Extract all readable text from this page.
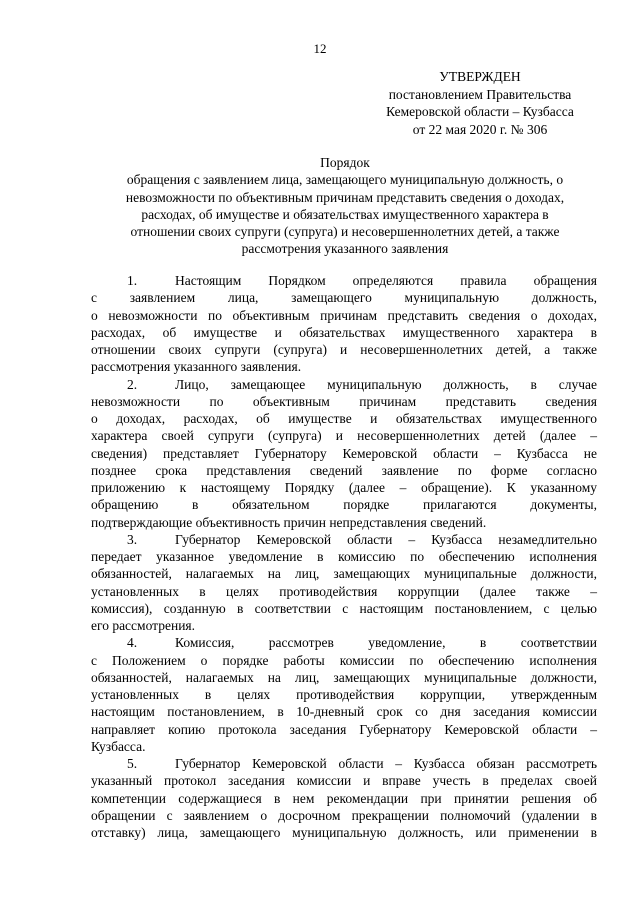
12
УТВЕРЖДЕН
постановлением Правительства
Кемеровской области – Кузбасса
от 22 мая 2020 г. № 306
Порядок
обращения с заявлением лица, замещающего муниципальную должность, о
невозможности по объективным причинам представить сведения о доходах,
расходах, об имуществе и обязательствах имущественного характера в
отношении своих супруги (супруга) и несовершеннолетних детей, а также
рассмотрения указанного заявления
1.	Настоящим Порядком определяются правила обращения
с заявлением лица, замещающего муниципальную должность,
о невозможности по объективным причинам представить сведения о доходах,
расходах, об имуществе и обязательствах имущественного характера в
отношении своих супруги (супруга) и несовершеннолетних детей, а также
рассмотрения указанного заявления.
2.	Лицо, замещающее муниципальную должность, в случае
невозможности по объективным причинам представить сведения
о доходах, расходах, об имуществе и обязательствах имущественного
характера своей супруги (супруга) и несовершеннолетних детей (далее –
сведения) представляет Губернатору Кемеровской области – Кузбасса не
позднее срока представления сведений заявление по форме согласно
приложению к настоящему Порядку (далее – обращение). К указанному
обращению в обязательном порядке прилагаются документы,
подтверждающие объективность причин непредставления сведений.
3.	Губернатор Кемеровской области – Кузбасса незамедлительно
передает указанное уведомление в комиссию по обеспечению исполнения
обязанностей, налагаемых на лиц, замещающих муниципальные должности,
установленных в целях противодействия коррупции (далее также –
комиссия), созданную в соответствии с настоящим постановлением, с целью
его рассмотрения.
4.	Комиссия, рассмотрев уведомление, в соответствии
с Положением о порядке работы комиссии по обеспечению исполнения
обязанностей, налагаемых на лиц, замещающих муниципальные должности,
установленных в целях противодействия коррупции, утвержденным
настоящим постановлением, в 10-дневный срок со дня заседания комиссии
направляет копию протокола заседания Губернатору Кемеровской области –
Кузбасса.
5.	Губернатор Кемеровской области – Кузбасса обязан рассмотреть
указанный протокол заседания комиссии и вправе учесть в пределах своей
компетенции содержащиеся в нем рекомендации при принятии решения об
обращении с заявлением о досрочном прекращении полномочий (удалении в
отставку) лица, замещающего муниципальную должность, или применении в
